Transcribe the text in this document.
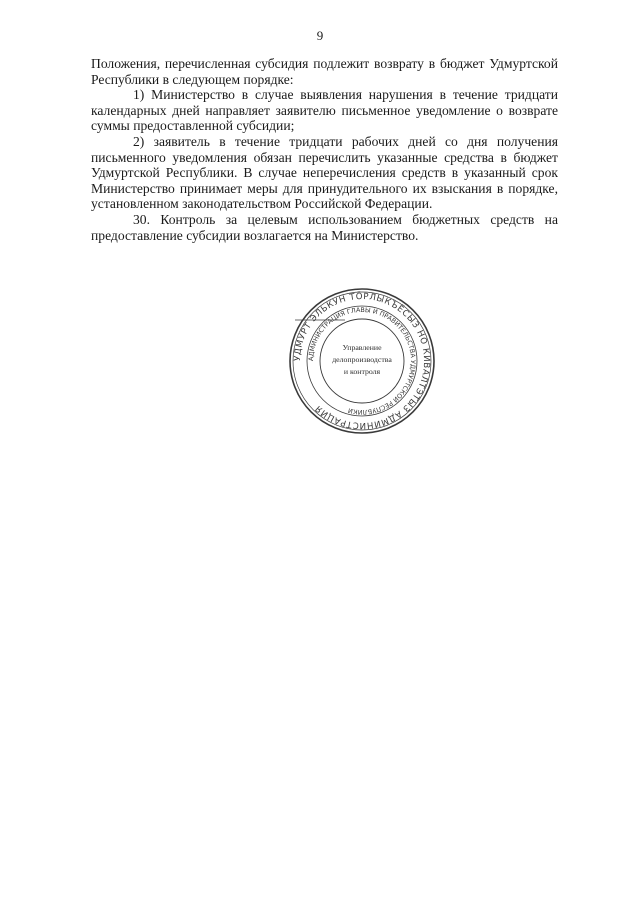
9

Положения, перечисленная субсидия подлежит возврату в бюджет Удмуртской Республики в следующем порядке:

1) Министерство в случае выявления нарушения в течение тридцати календарных дней направляет заявителю письменное уведомление о возврате суммы предоставленной субсидии;

2) заявитель в течение тридцати рабочих дней со дня получения письменного уведомления обязан перечислить указанные средства в бюджет Удмуртской Республики. В случае неперечисления средств в указанный срок Министерство принимает меры для принудительного их взыскания в порядке, установленном законодательством Российской Федерации.

30. Контроль за целевым использованием бюджетных средств на предоставление субсидии возлагается на Министерство.

УДМУРТ ЭЛЬКУН ТӦРЛЫКЪЁСЫЗ НО КИВАЛТЭТЫЗ АДМИНИСТРАЦИЯ
АДМИНИСТРАЦИЯ ГЛАВЫ И ПРАВИТЕЛЬСТВА УДМУРТСКОЙ РЕСПУБЛИКИ
Управление
делопроизводства
и контроля
